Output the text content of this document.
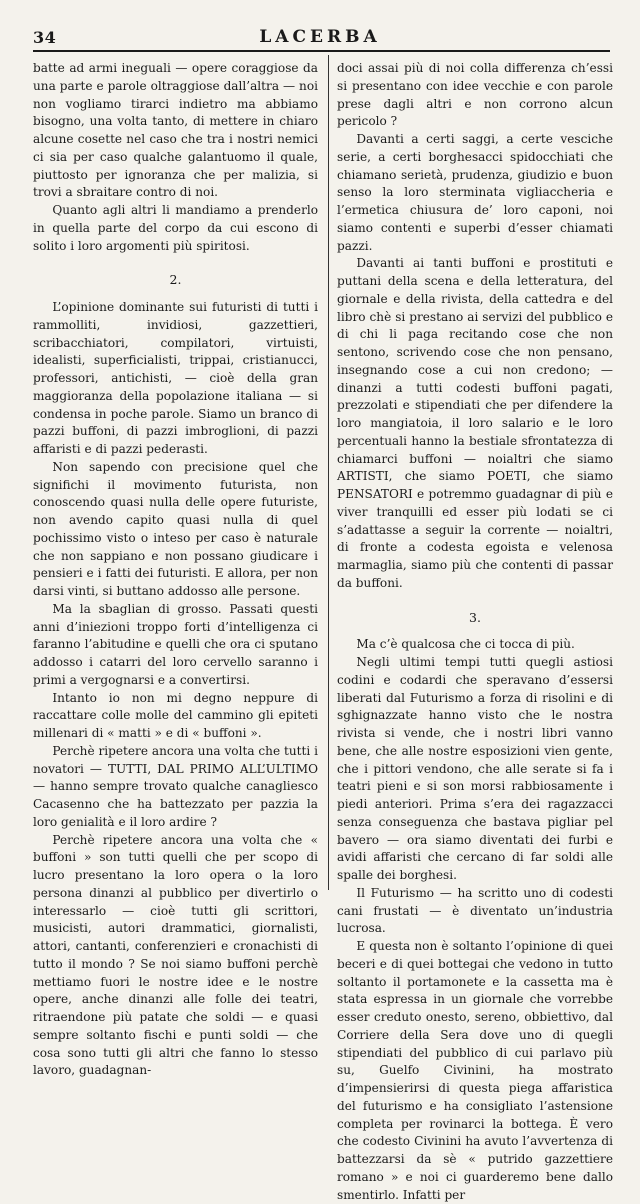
34	LACERBA

batte ad armi ineguali — opere coraggiose da una parte e parole oltraggiose dall’altra — noi non vogliamo tirarci indietro ma abbiamo bisogno, una volta tanto, di mettere in chiaro alcune cosette nel caso che tra i nostri nemici ci sia per caso qualche galantuomo il quale, piuttosto per ignoranza che per malizia, si trovi a sbraitare contro di noi.

Quanto agli altri li mandiamo a prenderlo in quella parte del corpo da cui escono di solito i loro argomenti più spiritosi.

2.

L’opinione dominante sui futuristi di tutti i rammolliti, invidiosi, gazzettieri, scribacchiatori, compilatori, virtuisti, idealisti, superficialisti, trippai, cristianucci, professori, antichisti, — cioè della gran maggioranza della popolazione italiana — si condensa in poche parole. Siamo un branco di pazzi buffoni, di pazzi imbroglioni, di pazzi affaristi e di pazzi pederasti.

Non sapendo con precisione quel che significhi il movimento futurista, non conoscendo quasi nulla delle opere futuriste, non avendo capito quasi nulla di quel pochissimo visto o inteso per caso è naturale che non sappiano e non possano giudicare i pensieri e i fatti dei futuristi. E allora, per non darsi vinti, si buttano addosso alle persone.

Ma la sbaglian di grosso. Passati questi anni d’iniezioni troppo forti d’intelligenza ci faranno l’abitudine e quelli che ora ci sputano addosso i catarri del loro cervello saranno i primi a vergognarsi e a convertirsi.

Intanto io non mi degno neppure di raccattare colle molle del cammino gli epiteti millenari di « matti » e di « buffoni ».

Perchè ripetere ancora una volta che tutti i novatori — TUTTI, DAL PRIMO ALL’ULTIMO — hanno sempre trovato qualche canagliesco Cacasenno che ha battezzato per pazzia la loro genialità e il loro ardire ?

Perchè ripetere ancora una volta che « buffoni » son tutti quelli che per scopo di lucro presentano la loro opera o la loro persona dinanzi al pubblico per divertirlo o interessarlo — cioè tutti gli scrittori, musicisti, autori drammatici, giornalisti, attori, cantanti, conferenzieri e cronachisti di tutto il mondo ? Se noi siamo buffoni perchè mettiamo fuori le nostre idee e le nostre opere, anche dinanzi alle folle dei teatri, ritraendone più patate che soldi — e quasi sempre soltanto fischi e punti soldi — che cosa sono tutti gli altri che fanno lo stesso lavoro, guadagnan-

doci assai più di noi colla differenza ch’essi si presentano con idee vecchie e con parole prese dagli altri e non corrono alcun pericolo ?

Davanti a certi saggi, a certe vesciche serie, a certi borghesacci spidocchiati che chiamano serietà, prudenza, giudizio e buon senso la loro sterminata vigliaccheria e l’ermetica chiusura de’ loro caponi, noi siamo contenti e superbi d’esser chiamati pazzi.

Davanti ai tanti buffoni e prostituti e puttani della scena e della letteratura, del giornale e della rivista, della cattedra e del libro chè si prestano ai servizi del pubblico e di chi li paga recitando cose che non sentono, scrivendo cose che non pensano, insegnando cose a cui non credono; — dinanzi a tutti codesti buffoni pagati, prezzolati e stipendiati che per difendere la loro mangiatoia, il loro salario e le loro percentuali hanno la bestiale sfrontatezza di chiamarci buffoni — noialtri che siamo ARTISTI, che siamo POETI, che siamo PENSATORI e potremmo guadagnar di più e viver tranquilli ed esser più lodati se ci s’adattasse a seguir la corrente — noialtri, di fronte a codesta egoista e velenosa marmaglia, siamo più che contenti di passar da buffoni.

3.

Ma c’è qualcosa che ci tocca di più.

Negli ultimi tempi tutti quegli astiosi codini e codardi che speravano d’essersi liberati dal Futurismo a forza di risolini e di sghignazzate hanno visto che le nostra rivista si vende, che i nostri libri vanno bene, che alle nostre esposizioni vien gente, che i pittori vendono, che alle serate si fa i teatri pieni e si son morsi rabbiosamente i piedi anteriori. Prima s’era dei ragazzacci senza conseguenza che bastava pigliar pel bavero — ora siamo diventati dei furbi e avidi affaristi che cercano di far soldi alle spalle dei borghesi.

Il Futurismo — ha scritto uno di codesti cani frustati — è diventato un’industria lucrosa.

E questa non è soltanto l’opinione di quei beceri e di quei bottegai che vedono in tutto soltanto il portamonete e la cassetta ma è stata espressa in un giornale che vorrebbe esser creduto onesto, sereno, obbiettivo, dal Corriere della Sera dove uno di quegli stipendiati del pubblico di cui parlavo più su, Guelfo Civinini, ha mostrato d’impensierirsi di questa piega affaristica del futurismo e ha consigliato l’astensione completa per rovinarci la bottega. È vero che codesto Civinini ha avuto l’avvertenza di battezzarsi da sè « putrido gazzettiere romano » e noi ci guarderemo bene dallo smentirlo. Infatti per
